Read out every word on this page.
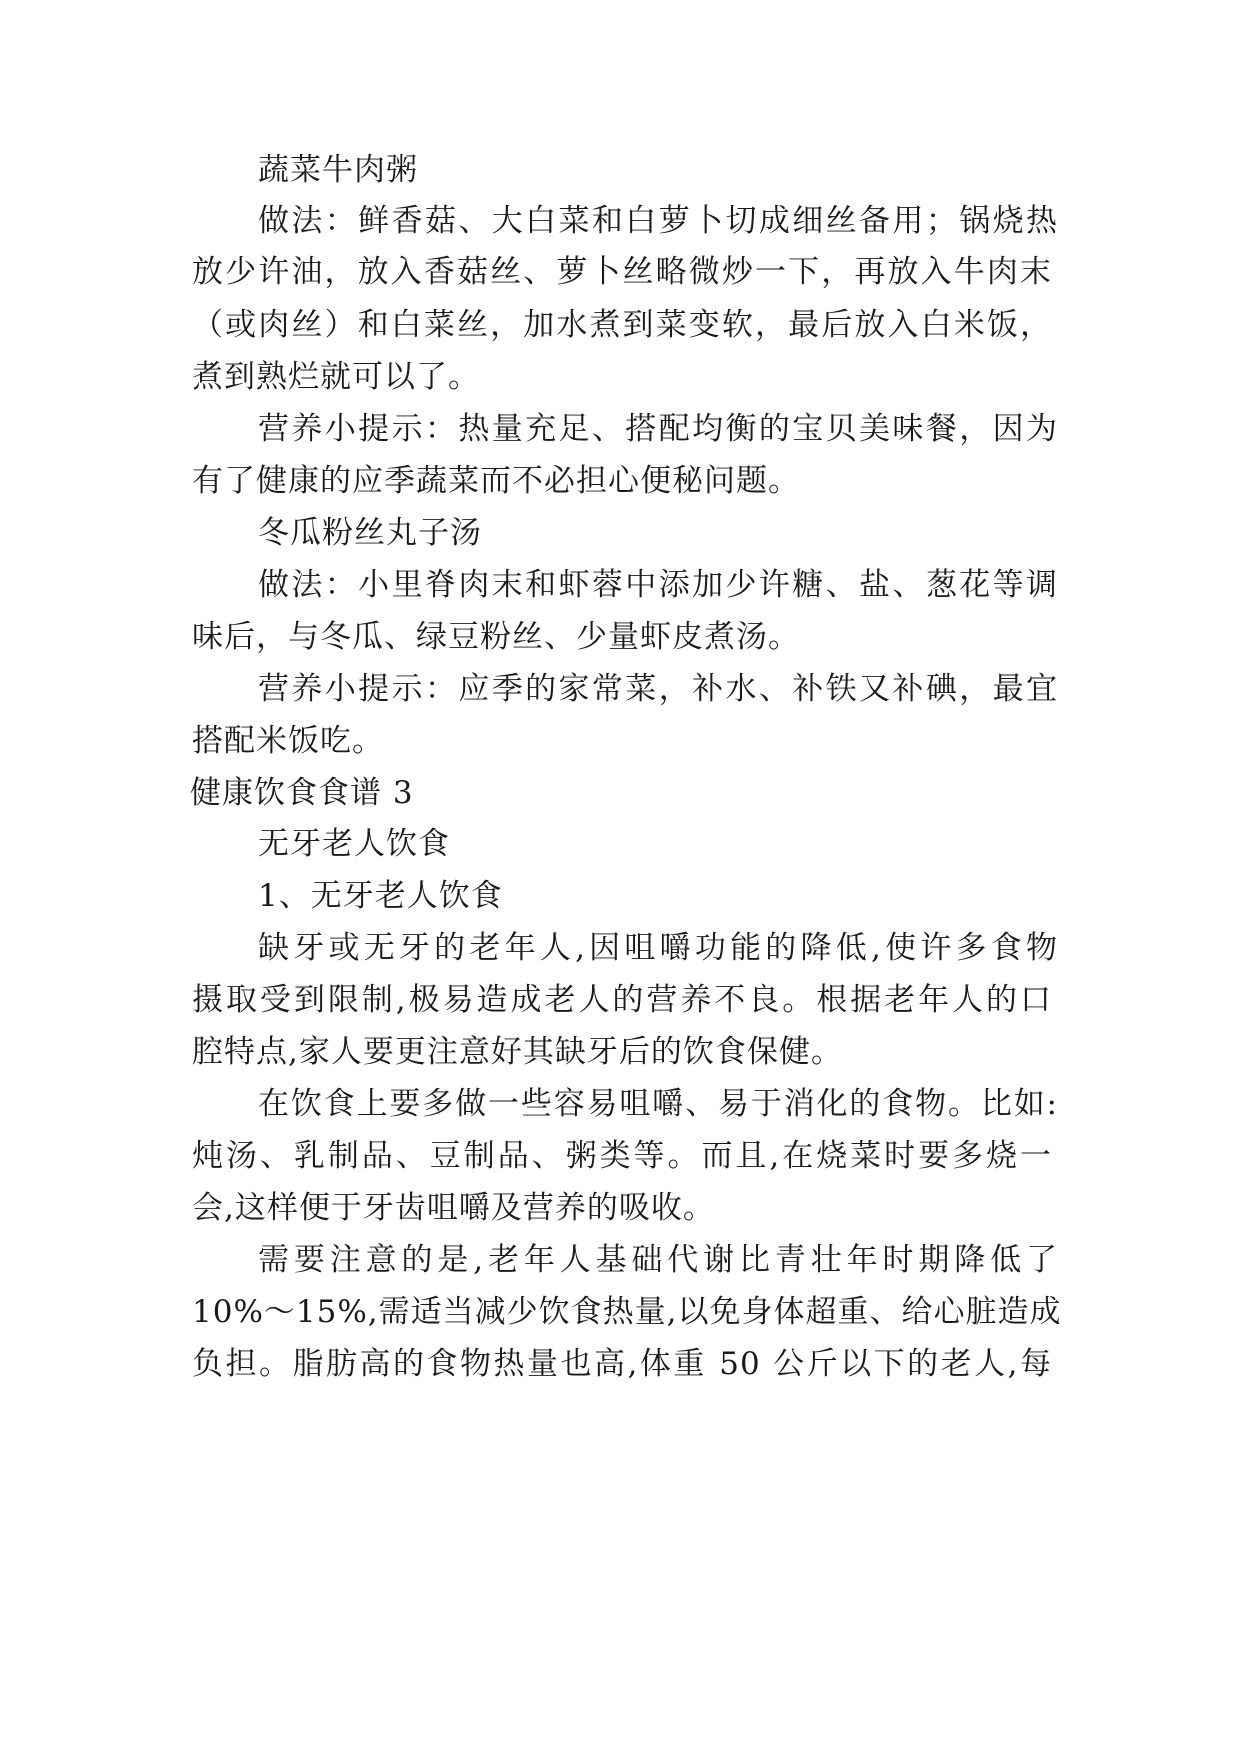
蔬菜牛肉粥
做法：鲜香菇、大白菜和白萝卜切成细丝备用；锅烧热
放少许油，放入香菇丝、萝卜丝略微炒一下，再放入牛肉末
（或肉丝）和白菜丝，加水煮到菜变软，最后放入白米饭，
煮到熟烂就可以了。
营养小提示：热量充足、搭配均衡的宝贝美味餐，因为
有了健康的应季蔬菜而不必担心便秘问题。
冬瓜粉丝丸子汤
做法：小里脊肉末和虾蓉中添加少许糖、盐、葱花等调
味后，与冬瓜、绿豆粉丝、少量虾皮煮汤。
营养小提示：应季的家常菜，补水、补铁又补碘，最宜
搭配米饭吃。
健康饮食食谱 3
无牙老人饮食
1、无牙老人饮食
缺牙或无牙的老年人,因咀嚼功能的降低,使许多食物
摄取受到限制,极易造成老人的营养不良。根据老年人的口
腔特点,家人要更注意好其缺牙后的饮食保健。
在饮食上要多做一些容易咀嚼、易于消化的食物。比如:
炖汤、乳制品、豆制品、粥类等。而且,在烧菜时要多烧一
会,这样便于牙齿咀嚼及营养的吸收。
需要注意的是,老年人基础代谢比青壮年时期降低了
10%～15%,需适当减少饮食热量,以免身体超重、给心脏造成
负担。脂肪高的食物热量也高,体重 50 公斤以下的老人,每
